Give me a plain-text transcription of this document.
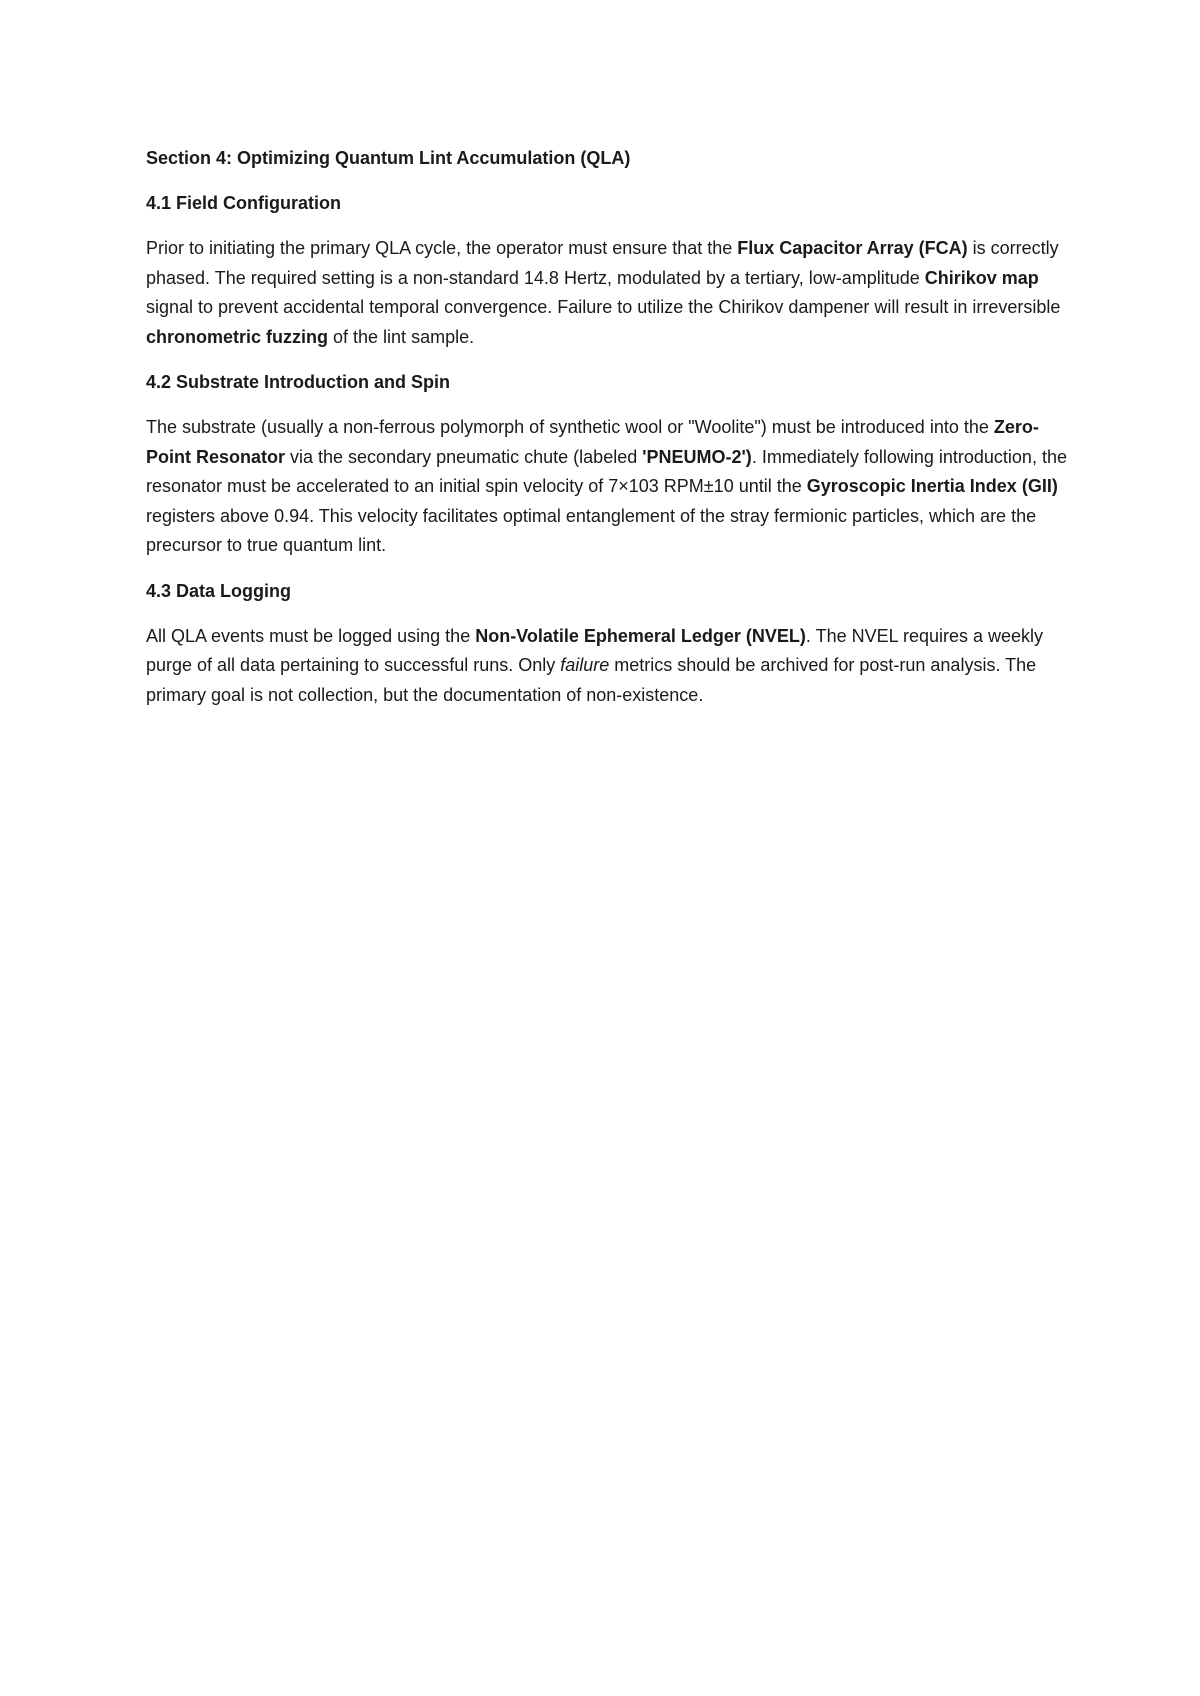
Section 4: Optimizing Quantum Lint Accumulation (QLA)
4.1 Field Configuration
Prior to initiating the primary QLA cycle, the operator must ensure that the Flux Capacitor Array (FCA) is correctly phased. The required setting is a non-standard 14.8 Hertz, modulated by a tertiary, low-amplitude Chirikov map signal to prevent accidental temporal convergence. Failure to utilize the Chirikov dampener will result in irreversible chronometric fuzzing of the lint sample.
4.2 Substrate Introduction and Spin
The substrate (usually a non-ferrous polymorph of synthetic wool or "Woolite") must be introduced into the Zero-Point Resonator via the secondary pneumatic chute (labeled 'PNEUMO-2'). Immediately following introduction, the resonator must be accelerated to an initial spin velocity of 7×103 RPM±10 until the Gyroscopic Inertia Index (GII) registers above 0.94. This velocity facilitates optimal entanglement of the stray fermionic particles, which are the precursor to true quantum lint.
4.3 Data Logging
All QLA events must be logged using the Non-Volatile Ephemeral Ledger (NVEL). The NVEL requires a weekly purge of all data pertaining to successful runs. Only failure metrics should be archived for post-run analysis. The primary goal is not collection, but the documentation of non-existence.
